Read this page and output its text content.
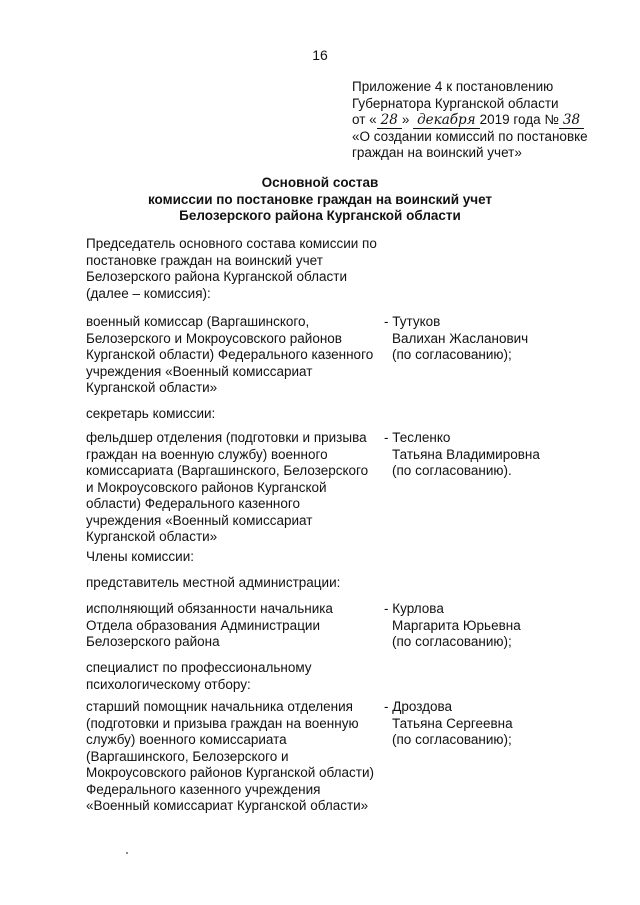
16
Приложение 4 к постановлению
Губернатора Курганской области
от « 28 » декабря 2019 года № 38
«О создании комиссий по постановке
граждан на воинский учет»
Основной состав
комиссии по постановке граждан на воинский учет
Белозерского района Курганской области
Председатель основного состава комиссии по постановке граждан на воинский учет Белозерского района Курганской области (далее – комиссия):
военный комиссар (Варгашинского, Белозерского и Мокроусовского районов Курганской области) Федерального казенного учреждения «Военный комиссариат Курганской области»
- Тутуков
Валихан Жасланович
(по согласованию);
секретарь комиссии:
фельдшер отделения (подготовки и призыва граждан на военную службу) военного комиссариата (Варгашинского, Белозерского и Мокроусовского районов Курганской области) Федерального казенного учреждения «Военный комиссариат Курганской области»
- Тесленко
Татьяна Владимировна
(по согласованию).
Члены комиссии:
представитель местной администрации:
исполняющий обязанности начальника Отдела образования Администрации Белозерского района
- Курлова
Маргарита Юрьевна
(по согласованию);
специалист по профессиональному психологическому отбору:
старший помощник начальника отделения (подготовки и призыва граждан на военную службу) военного комиссариата (Варгашинского, Белозерского и Мокроусовского районов Курганской области) Федерального казенного учреждения «Военный комиссариат Курганской области»
- Дроздова
Татьяна Сергеевна
(по согласованию);
